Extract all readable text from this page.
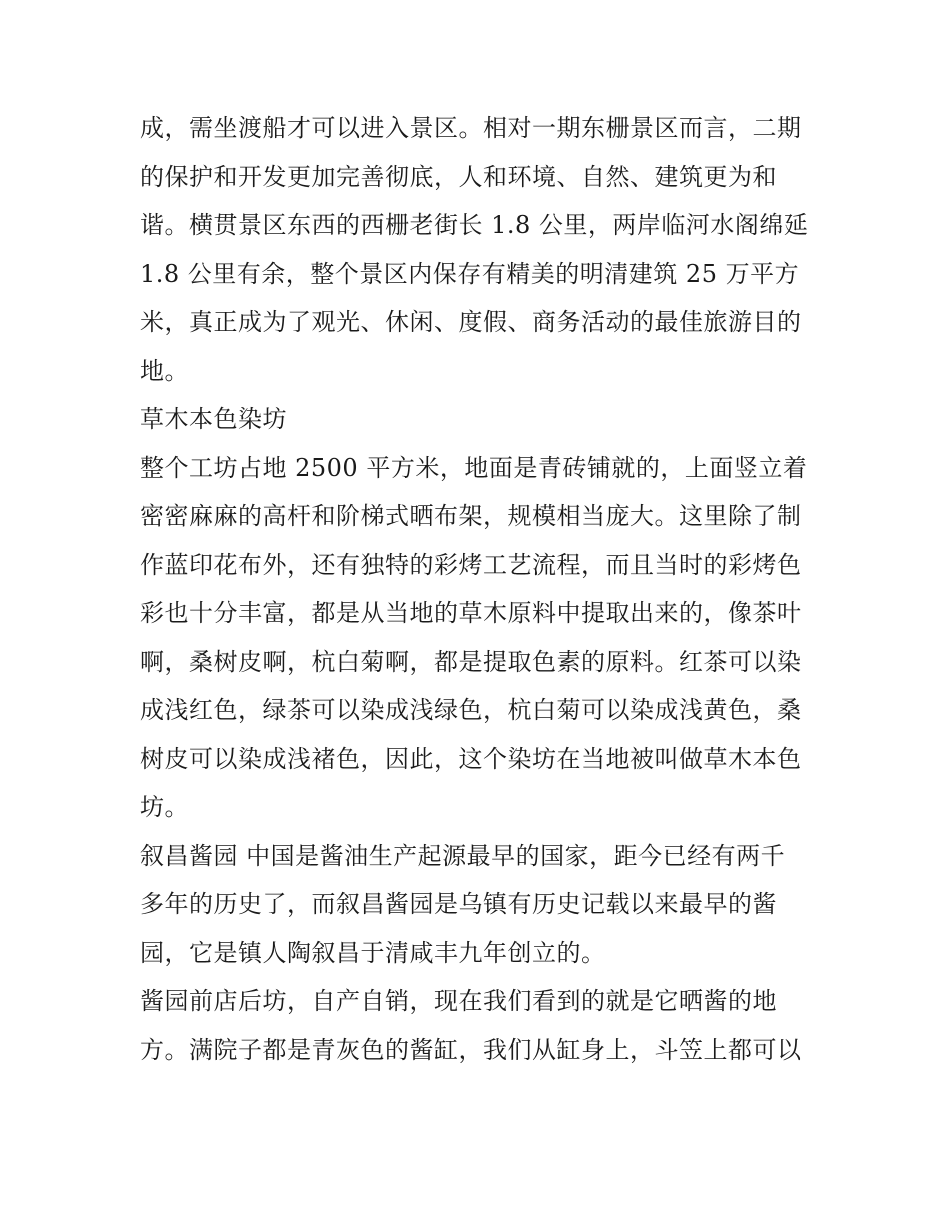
成，需坐渡船才可以进入景区。相对一期东栅景区而言，二期
的保护和开发更加完善彻底，人和环境、自然、建筑更为和
谐。横贯景区东西的西栅老街长 1.8 公里，两岸临河水阁绵延
1.8 公里有余，整个景区内保存有精美的明清建筑 25 万平方
米，真正成为了观光、休闲、度假、商务活动的最佳旅游目的
地。
草木本色染坊
整个工坊占地 2500 平方米，地面是青砖铺就的，上面竖立着
密密麻麻的高杆和阶梯式晒布架，规模相当庞大。这里除了制
作蓝印花布外，还有独特的彩烤工艺流程，而且当时的彩烤色
彩也十分丰富，都是从当地的草木原料中提取出来的，像茶叶
啊，桑树皮啊，杭白菊啊，都是提取色素的原料。红茶可以染
成浅红色，绿茶可以染成浅绿色，杭白菊可以染成浅黄色，桑
树皮可以染成浅褚色，因此，这个染坊在当地被叫做草木本色
坊。
叙昌酱园 中国是酱油生产起源最早的国家，距今已经有两千
多年的历史了，而叙昌酱园是乌镇有历史记载以来最早的酱
园，它是镇人陶叙昌于清咸丰九年创立的。
酱园前店后坊，自产自销，现在我们看到的就是它晒酱的地
方。满院子都是青灰色的酱缸，我们从缸身上，斗笠上都可以
